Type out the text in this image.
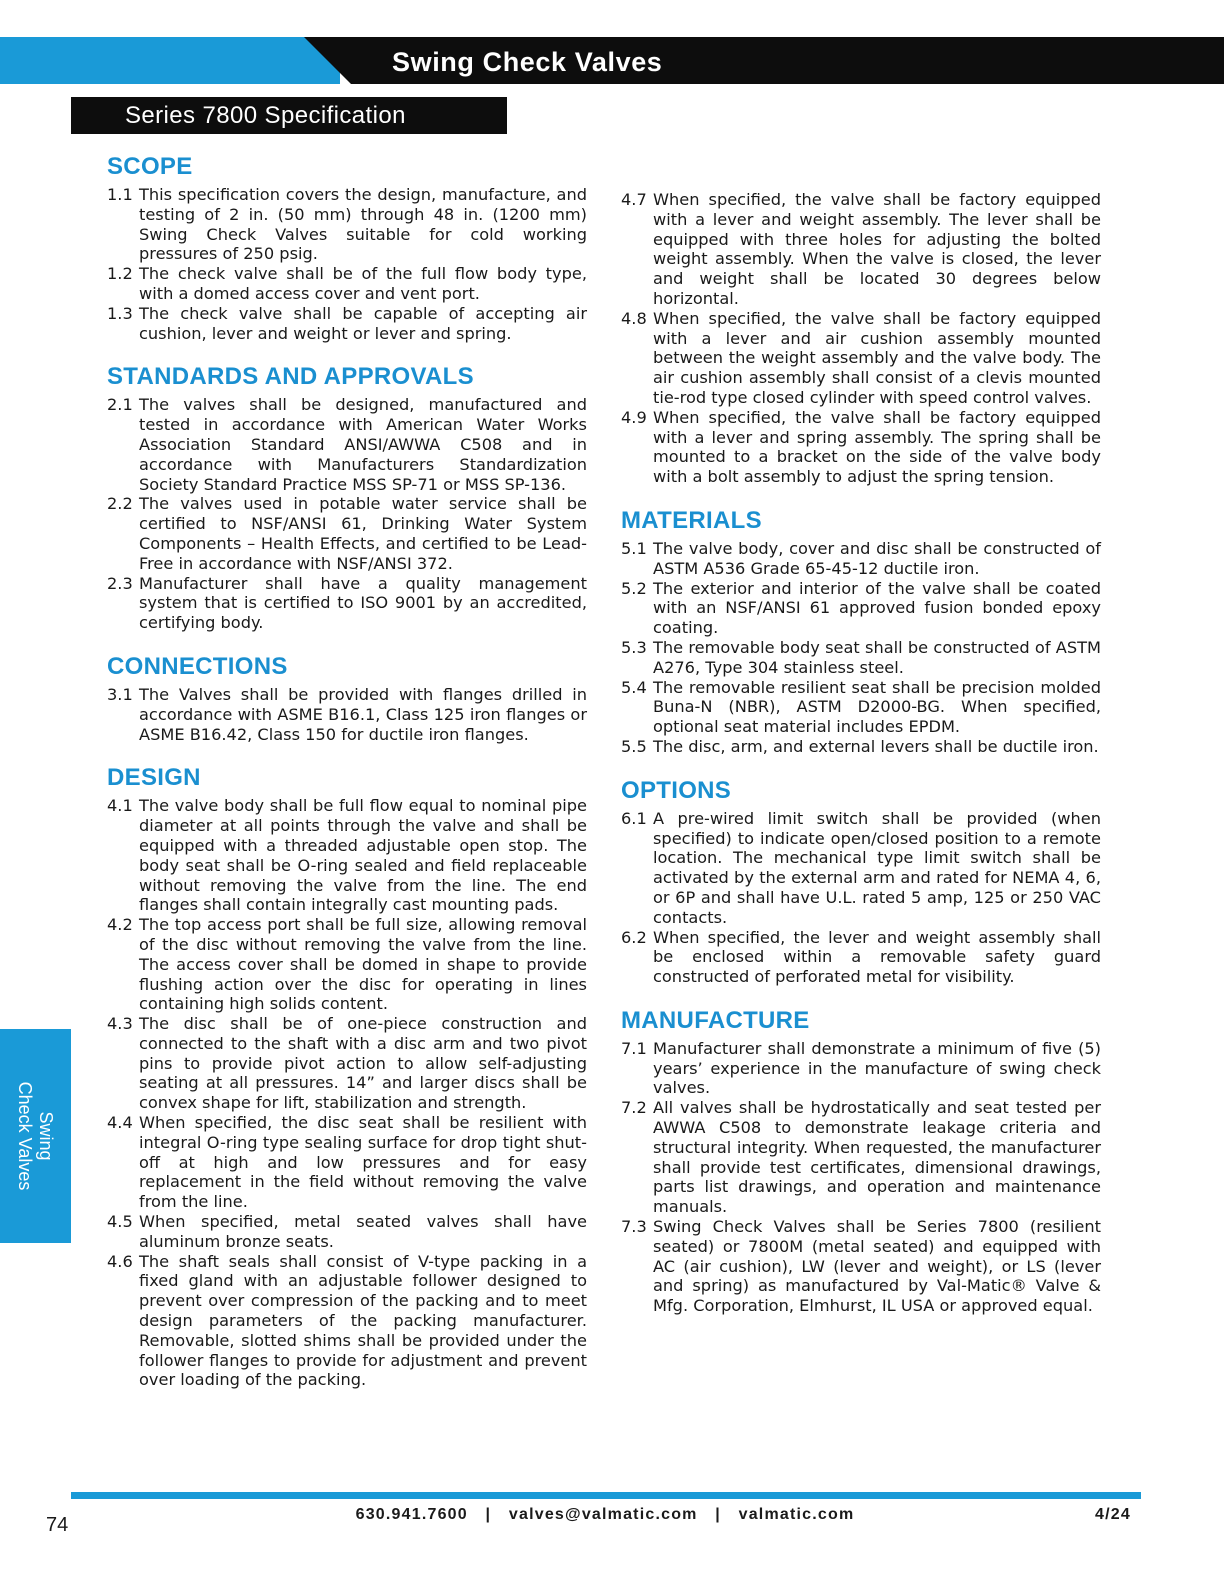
Swing Check Valves
Series 7800 Specification
Swing
Check Valves
SCOPE
1.1 This specification covers the design, manufacture, and testing of 2 in. (50 mm) through 48 in. (1200 mm) Swing Check Valves suitable for cold working pressures of 250 psig.
1.2 The check valve shall be of the full flow body type, with a domed access cover and vent port.
1.3 The check valve shall be capable of accepting air cushion, lever and weight or lever and spring.
STANDARDS AND APPROVALS
2.1 The valves shall be designed, manufactured and tested in accordance with American Water Works Association Standard ANSI/AWWA C508 and in accordance with Manufacturers Standardization Society Standard Practice MSS SP-71 or MSS SP-136.
2.2 The valves used in potable water service shall be certified to NSF/ANSI 61, Drinking Water System Components – Health Effects, and certified to be Lead-Free in accordance with NSF/ANSI 372.
2.3 Manufacturer shall have a quality management system that is certified to ISO 9001 by an accredited, certifying body.
CONNECTIONS
3.1 The Valves shall be provided with flanges drilled in accordance with ASME B16.1, Class 125 iron flanges or ASME B16.42, Class 150 for ductile iron flanges.
DESIGN
4.1 The valve body shall be full flow equal to nominal pipe diameter at all points through the valve and shall be equipped with a threaded adjustable open stop. The body seat shall be O-ring sealed and field replaceable without removing the valve from the line. The end flanges shall contain integrally cast mounting pads.
4.2 The top access port shall be full size, allowing removal of the disc without removing the valve from the line. The access cover shall be domed in shape to provide flushing action over the disc for operating in lines containing high solids content.
4.3 The disc shall be of one-piece construction and connected to the shaft with a disc arm and two pivot pins to provide pivot action to allow self-adjusting seating at all pressures. 14” and larger discs shall be convex shape for lift, stabilization and strength.
4.4 When specified, the disc seat shall be resilient with integral O-ring type sealing surface for drop tight shut-off at high and low pressures and for easy replacement in the field without removing the valve from the line.
4.5 When specified, metal seated valves shall have aluminum bronze seats.
4.6 The shaft seals shall consist of V-type packing in a fixed gland with an adjustable follower designed to prevent over compression of the packing and to meet design parameters of the packing manufacturer. Removable, slotted shims shall be provided under the follower flanges to provide for adjustment and prevent over loading of the packing.
4.7 When specified, the valve shall be factory equipped with a lever and weight assembly. The lever shall be equipped with three holes for adjusting the bolted weight assembly. When the valve is closed, the lever and weight shall be located 30 degrees below horizontal.
4.8 When specified, the valve shall be factory equipped with a lever and air cushion assembly mounted between the weight assembly and the valve body. The air cushion assembly shall consist of a clevis mounted tie-rod type closed cylinder with speed control valves.
4.9 When specified, the valve shall be factory equipped with a lever and spring assembly. The spring shall be mounted to a bracket on the side of the valve body with a bolt assembly to adjust the spring tension.
MATERIALS
5.1 The valve body, cover and disc shall be constructed of ASTM A536 Grade 65-45-12 ductile iron.
5.2 The exterior and interior of the valve shall be coated with an NSF/ANSI 61 approved fusion bonded epoxy coating.
5.3 The removable body seat shall be constructed of ASTM A276, Type 304 stainless steel.
5.4 The removable resilient seat shall be precision molded Buna-N (NBR), ASTM D2000-BG. When specified, optional seat material includes EPDM.
5.5 The disc, arm, and external levers shall be ductile iron.
OPTIONS
6.1 A pre-wired limit switch shall be provided (when specified) to indicate open/closed position to a remote location. The mechanical type limit switch shall be activated by the external arm and rated for NEMA 4, 6, or 6P and shall have U.L. rated 5 amp, 125 or 250 VAC contacts.
6.2 When specified, the lever and weight assembly shall be enclosed within a removable safety guard constructed of perforated metal for visibility.
MANUFACTURE
7.1 Manufacturer shall demonstrate a minimum of five (5) years’ experience in the manufacture of swing check valves.
7.2 All valves shall be hydrostatically and seat tested per AWWA C508 to demonstrate leakage criteria and structural integrity. When requested, the manufacturer shall provide test certificates, dimensional drawings, parts list drawings, and operation and maintenance manuals.
7.3 Swing Check Valves shall be Series 7800 (resilient seated) or 7800M (metal seated) and equipped with AC (air cushion), LW (lever and weight), or LS (lever and spring) as manufactured by Val-Matic® Valve & Mfg. Corporation, Elmhurst, IL USA or approved equal.
74	630.941.7600 | valves@valmatic.com | valmatic.com	4/24
